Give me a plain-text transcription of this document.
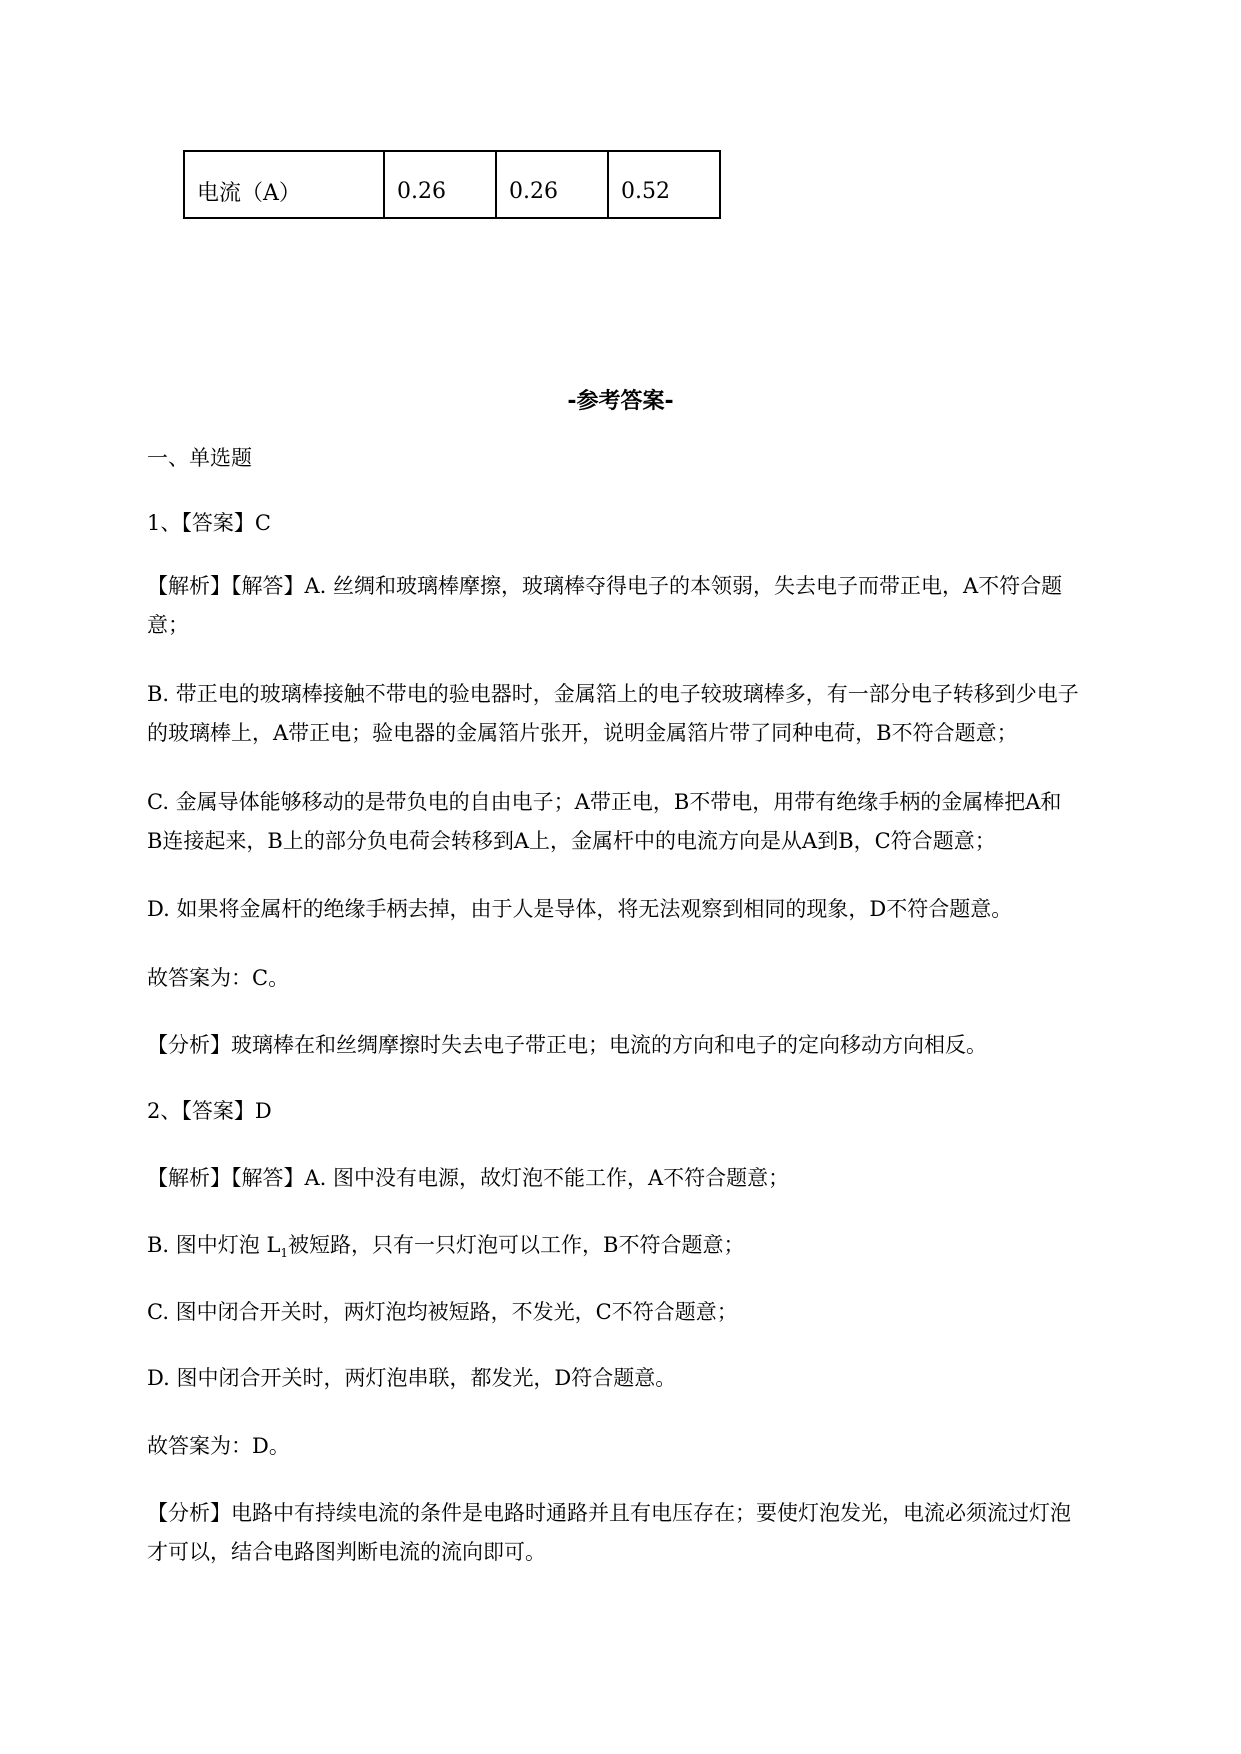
电流（A）	0.26	0.26	0.52
-参考答案-
一、单选题
1、【答案】C
【解析】【解答】A. 丝绸和玻璃棒摩擦，玻璃棒夺得电子的本领弱，失去电子而带正电，A不符合题
意；
B. 带正电的玻璃棒接触不带电的验电器时，金属箔上的电子较玻璃棒多，有一部分电子转移到少电子
的玻璃棒上，A带正电；验电器的金属箔片张开，说明金属箔片带了同种电荷，B不符合题意；
C. 金属导体能够移动的是带负电的自由电子；A带正电，B不带电，用带有绝缘手柄的金属棒把A和
B连接起来，B上的部分负电荷会转移到A上，金属杆中的电流方向是从A到B，C符合题意；
D. 如果将金属杆的绝缘手柄去掉，由于人是导体，将无法观察到相同的现象，D不符合题意。
故答案为：C。
【分析】玻璃棒在和丝绸摩擦时失去电子带正电；电流的方向和电子的定向移动方向相反。
2、【答案】D
【解析】【解答】A. 图中没有电源，故灯泡不能工作，A不符合题意；
B. 图中灯泡 $L_1$被短路，只有一只灯泡可以工作，B不符合题意；
C. 图中闭合开关时，两灯泡均被短路，不发光，C不符合题意；
D. 图中闭合开关时，两灯泡串联，都发光，D符合题意。
故答案为：D。
【分析】电路中有持续电流的条件是电路时通路并且有电压存在；要使灯泡发光，电流必须流过灯泡
才可以，结合电路图判断电流的流向即可。
